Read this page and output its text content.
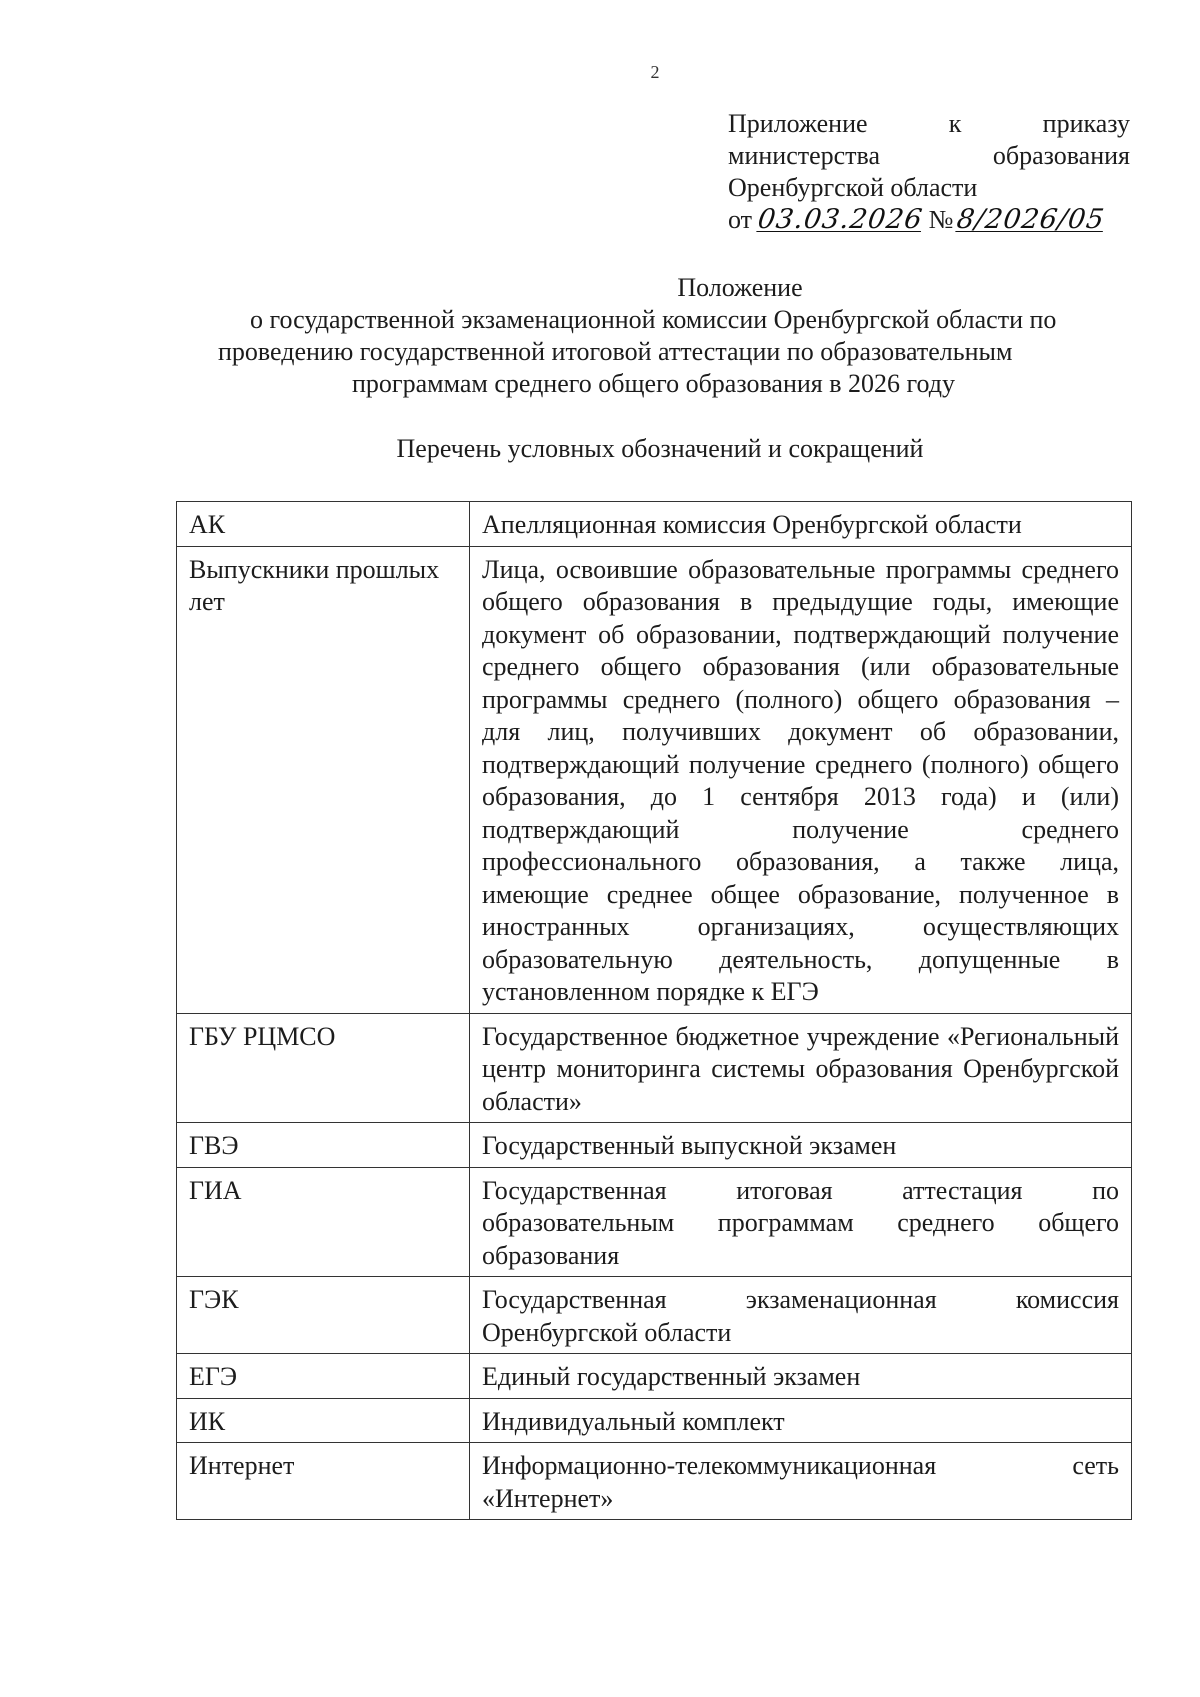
2
Приложение к приказу
министерства образования
Оренбургской области
от 03.03.2026 № 8/2026/05
Положение
о государственной экзаменационной комиссии Оренбургской области по
проведению государственной итоговой аттестации по образовательным
программам среднего общего образования в 2026 году
Перечень условных обозначений и сокращений
АК	Апелляционная комиссия Оренбургской области
Выпускники прошлых лет	Лица, освоившие образовательные программы среднего общего образования в предыдущие годы, имеющие документ об образовании, подтверждающий получение среднего общего образования (или образовательные программы среднего (полного) общего образования – для лиц, получивших документ об образовании, подтверждающий получение среднего (полного) общего образования, до 1 сентября 2013 года) и (или) подтверждающий получение среднего профессионального образования, а также лица, имеющие среднее общее образование, полученное в иностранных организациях, осуществляющих образовательную деятельность, допущенные в установленном порядке к ЕГЭ
ГБУ РЦМСО	Государственное бюджетное учреждение «Региональный центр мониторинга системы образования Оренбургской области»
ГВЭ	Государственный выпускной экзамен
ГИА	Государственная итоговая аттестация по образовательным программам среднего общего образования
ГЭК	Государственная экзаменационная комиссия Оренбургской области
ЕГЭ	Единый государственный экзамен
ИК	Индивидуальный комплект
Интернет	Информационно-телекоммуникационная сеть «Интернет»
